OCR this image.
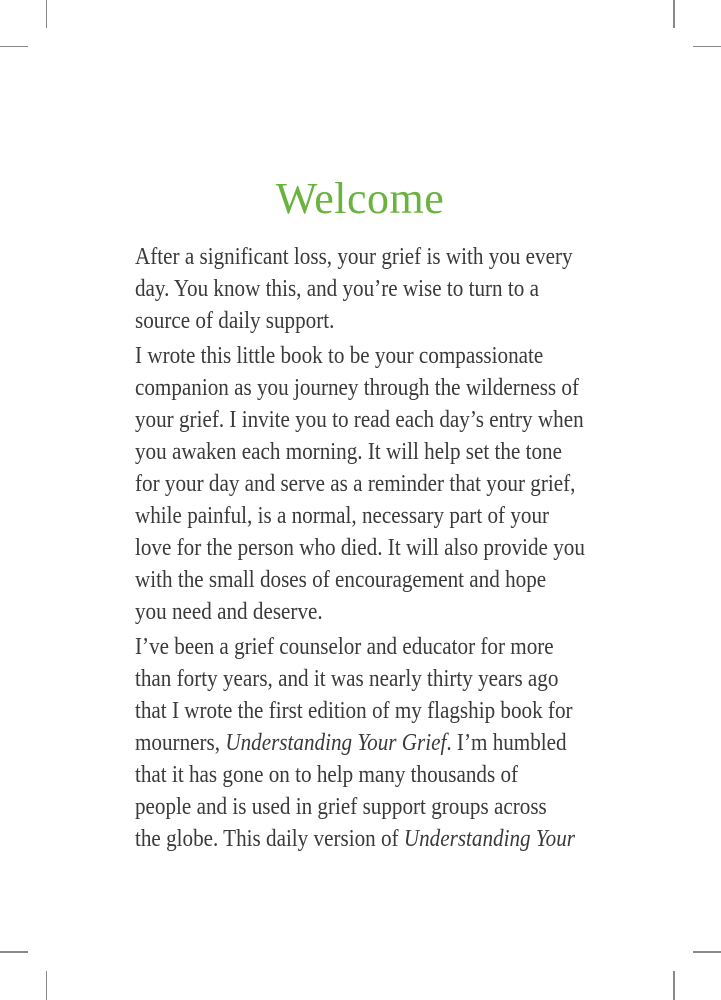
Welcome

After a significant loss, your grief is with you every
day. You know this, and you’re wise to turn to a
source of daily support.

I wrote this little book to be your compassionate
companion as you journey through the wilderness of
your grief. I invite you to read each day’s entry when
you awaken each morning. It will help set the tone
for your day and serve as a reminder that your grief,
while painful, is a normal, necessary part of your
love for the person who died. It will also provide you
with the small doses of encouragement and hope
you need and deserve.

I’ve been a grief counselor and educator for more
than forty years, and it was nearly thirty years ago
that I wrote the first edition of my flagship book for
mourners, Understanding Your Grief. I’m humbled
that it has gone on to help many thousands of
people and is used in grief support groups across
the globe. This daily version of Understanding Your
